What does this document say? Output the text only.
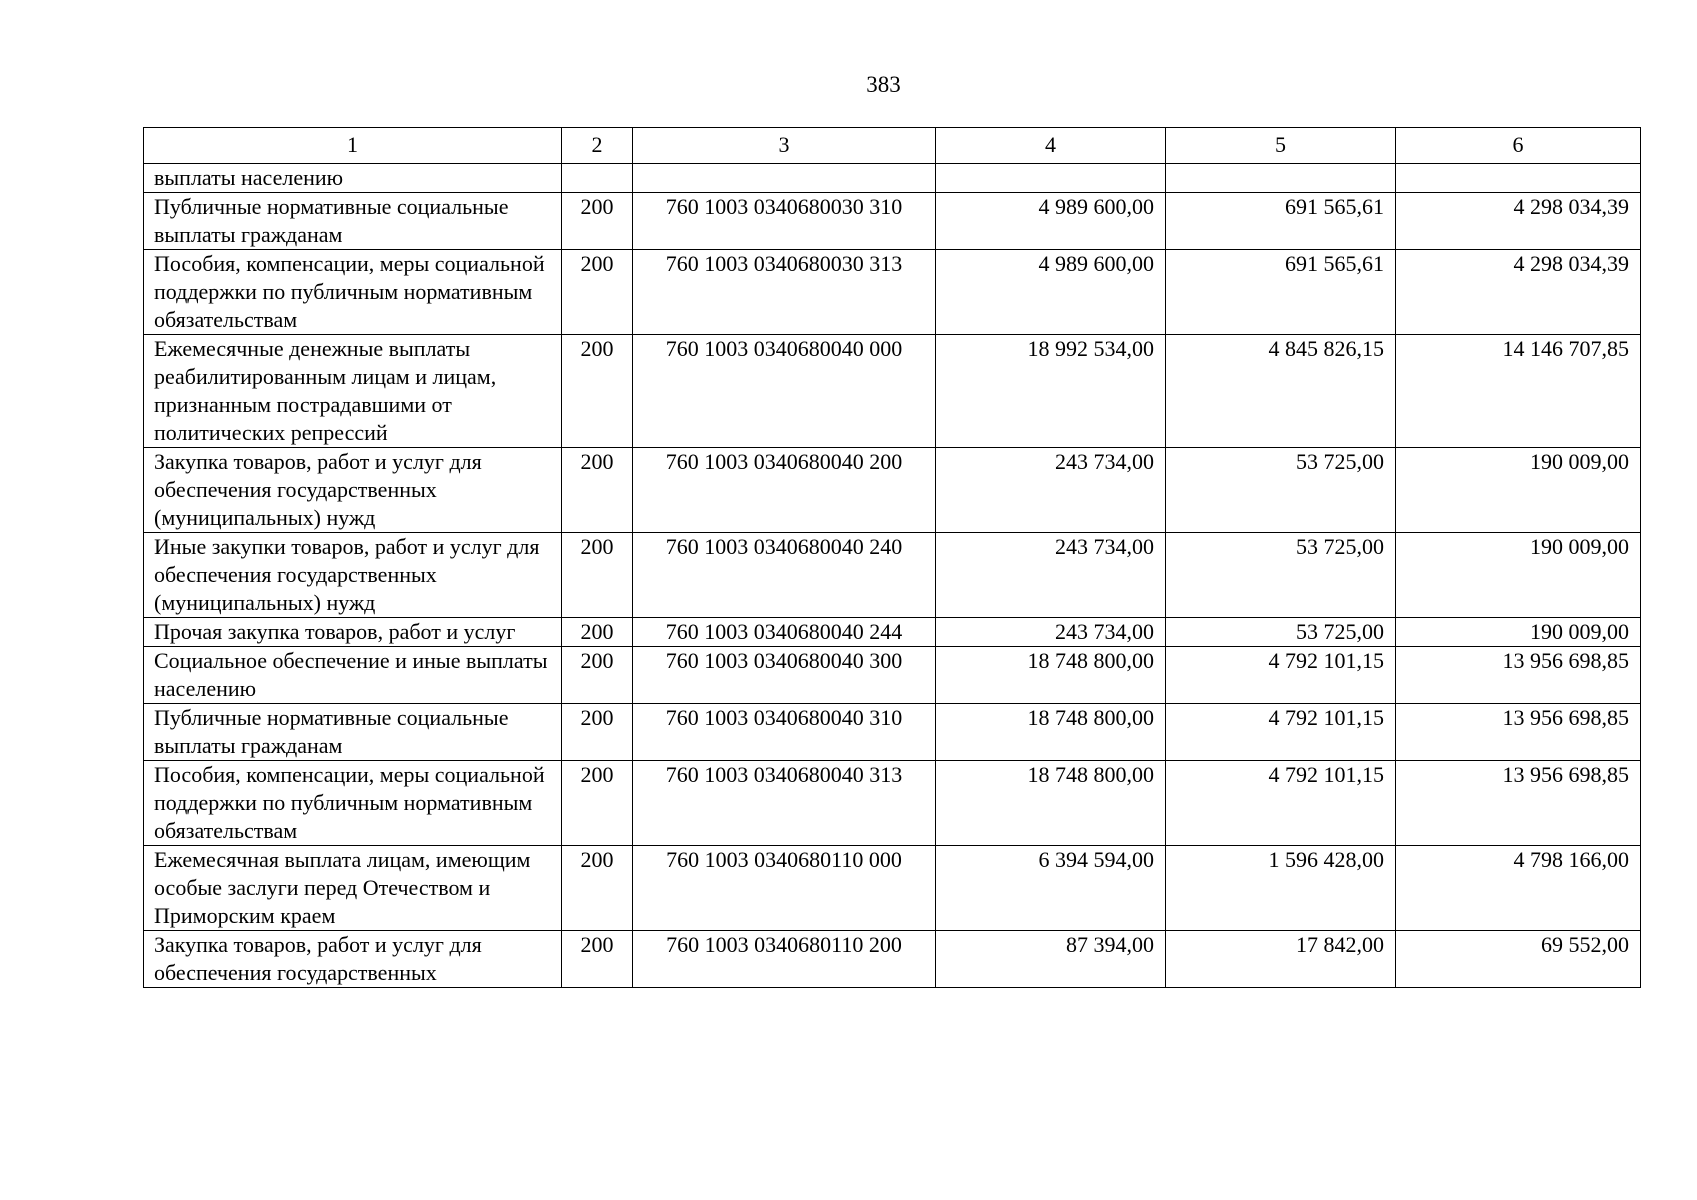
383
1	2	3	4	5	6
выплаты населению					
Публичные нормативные социальные выплаты гражданам	200	760 1003 0340680030 310	4 989 600,00	691 565,61	4 298 034,39
Пособия, компенсации, меры социальной поддержки по публичным нормативным обязательствам	200	760 1003 0340680030 313	4 989 600,00	691 565,61	4 298 034,39
Ежемесячные денежные выплаты реабилитированным лицам и лицам, признанным пострадавшими от политических репрессий	200	760 1003 0340680040 000	18 992 534,00	4 845 826,15	14 146 707,85
Закупка товаров, работ и услуг для обеспечения государственных (муниципальных) нужд	200	760 1003 0340680040 200	243 734,00	53 725,00	190 009,00
Иные закупки товаров, работ и услуг для обеспечения государственных (муниципальных) нужд	200	760 1003 0340680040 240	243 734,00	53 725,00	190 009,00
Прочая закупка товаров, работ и услуг	200	760 1003 0340680040 244	243 734,00	53 725,00	190 009,00
Социальное обеспечение и иные выплаты населению	200	760 1003 0340680040 300	18 748 800,00	4 792 101,15	13 956 698,85
Публичные нормативные социальные выплаты гражданам	200	760 1003 0340680040 310	18 748 800,00	4 792 101,15	13 956 698,85
Пособия, компенсации, меры социальной поддержки по публичным нормативным обязательствам	200	760 1003 0340680040 313	18 748 800,00	4 792 101,15	13 956 698,85
Ежемесячная выплата лицам, имеющим особые заслуги перед Отечеством и Приморским краем	200	760 1003 0340680110 000	6 394 594,00	1 596 428,00	4 798 166,00
Закупка товаров, работ и услуг для обеспечения государственных	200	760 1003 0340680110 200	87 394,00	17 842,00	69 552,00
